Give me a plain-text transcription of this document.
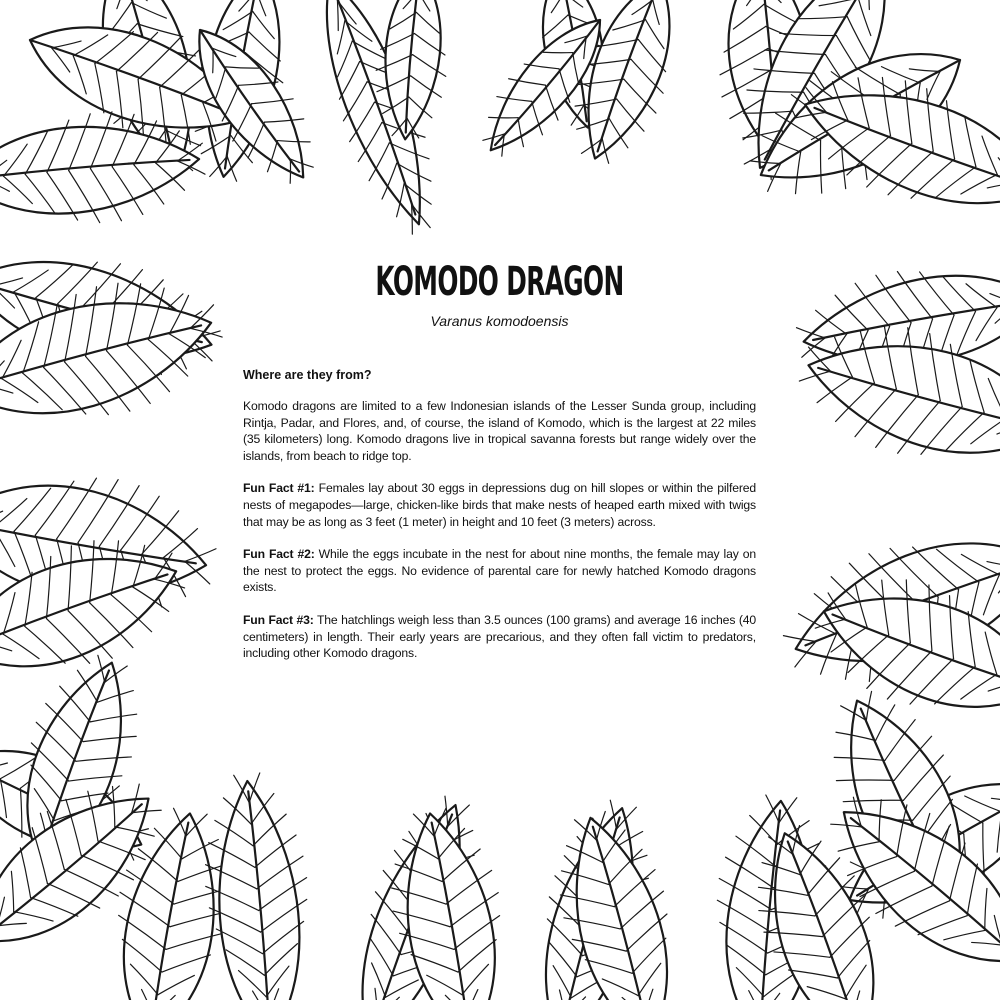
KOMODO DRAGON
Varanus komodoensis
Where are they from?

Komodo dragons are limited to a few Indonesian islands of the Lesser Sunda group, including Rintja, Padar, and Flores, and, of course, the island of Komodo, which is the largest at 22 miles (35 kilometers) long. Komodo dragons live in tropical savanna forests but range widely over the islands, from beach to ridge top.

Fun Fact #1: Females lay about 30 eggs in depressions dug on hill slopes or within the pilfered nests of megapodes—large, chicken-like birds that make nests of heaped earth mixed with twigs that may be as long as 3 feet (1 meter) in height and 10 feet (3 meters) across.

Fun Fact #2: While the eggs incubate in the nest for about nine months, the female may lay on the nest to protect the eggs. No evidence of parental care for newly hatched Komodo dragons exists.

Fun Fact #3: The hatchlings weigh less than 3.5 ounces (100 grams) and average 16 inches (40 centimeters) in length. Their early years are precarious, and they often fall victim to predators, including other Komodo dragons.
